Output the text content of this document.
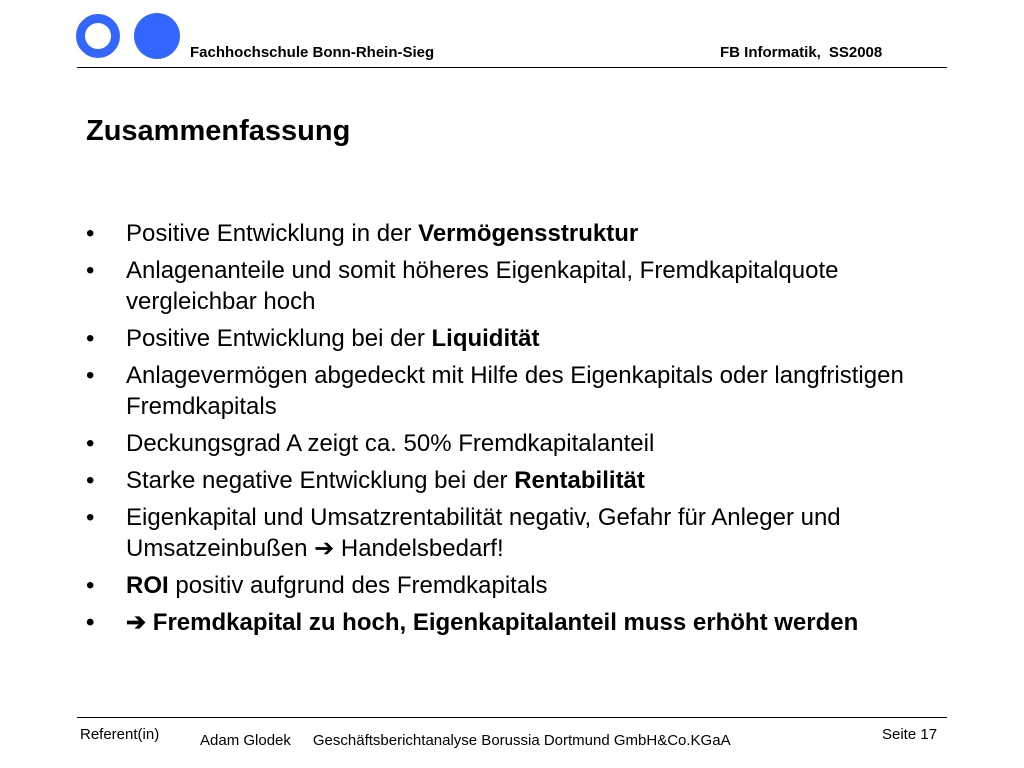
Fachhochschule Bonn-Rhein-Sieg	FB Informatik, SS2008
Zusammenfassung
• Positive Entwicklung in der Vermögensstruktur
• Anlagenanteile und somit höheres Eigenkapital, Fremdkapitalquote vergleichbar hoch
• Positive Entwicklung bei der Liquidität
• Anlagevermögen abgedeckt mit Hilfe des Eigenkapitals oder langfristigen Fremdkapitals
• Deckungsgrad A zeigt ca. 50% Fremdkapitalanteil
• Starke negative Entwicklung bei der Rentabilität
• Eigenkapital und Umsatzrentabilität negativ, Gefahr für Anleger und Umsatzeinbußen ➔ Handelsbedarf!
• ROI positiv aufgrund des Fremdkapitals
• ➔ Fremdkapital zu hoch, Eigenkapitalanteil muss erhöht werden
Referent(in)	Adam Glodek Geschäftsberichtanalyse Borussia Dortmund GmbH&Co.KGaA	Seite 17
